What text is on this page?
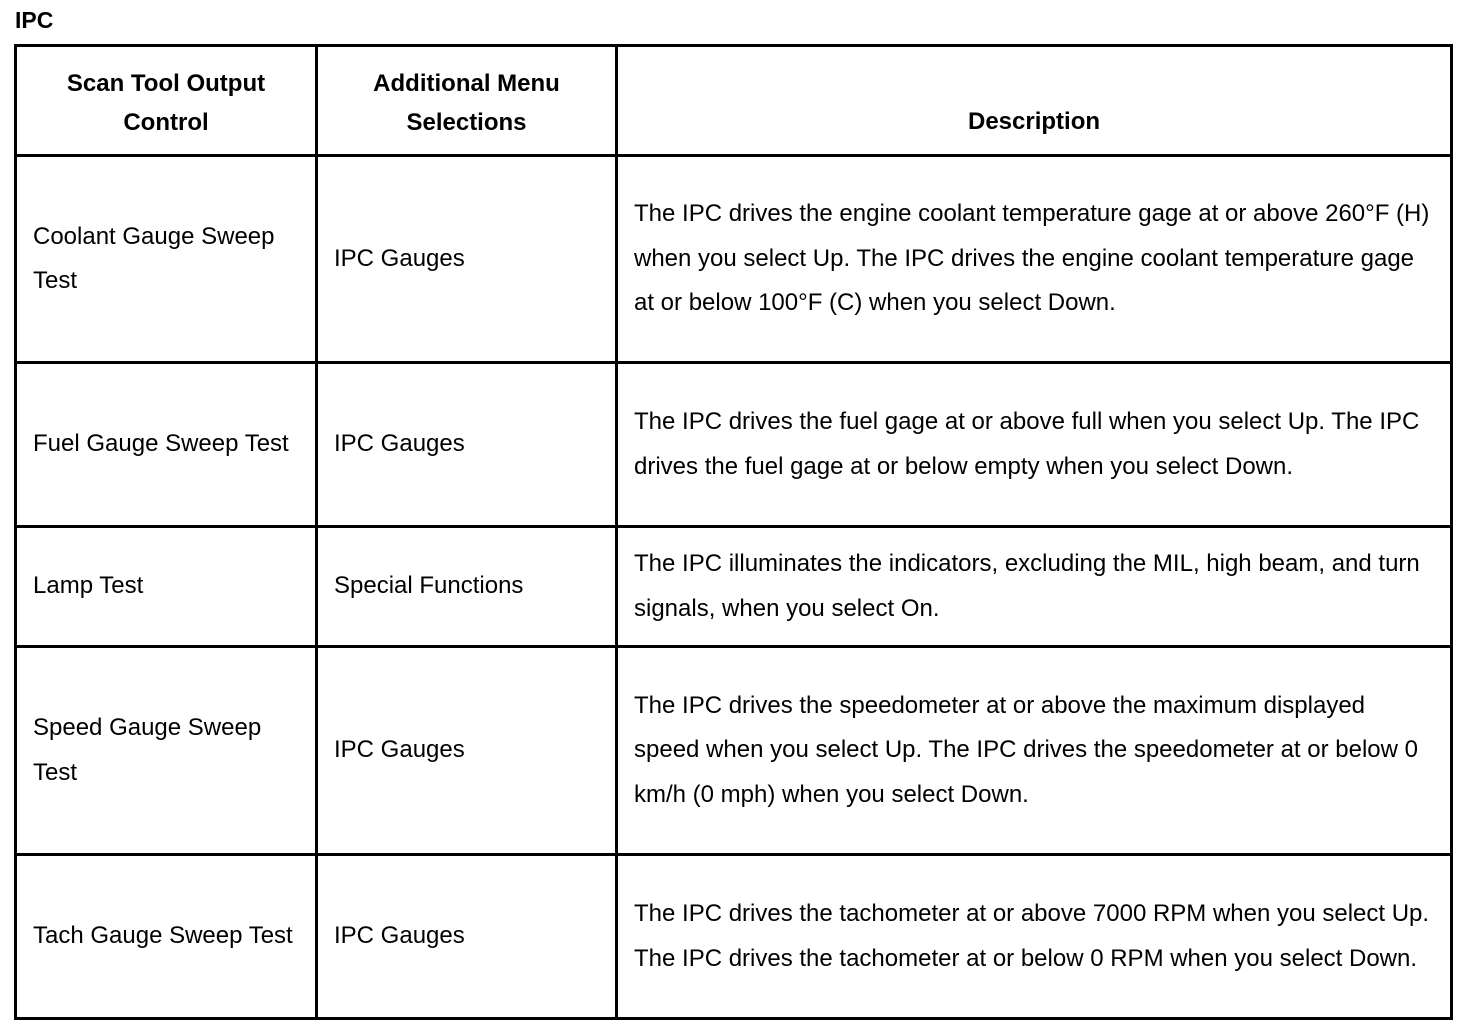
IPC
Scan Tool Output Control	Additional Menu Selections	Description
Coolant Gauge Sweep Test	IPC Gauges	The IPC drives the engine coolant temperature gage at or above 260°F (H) when you select Up. The IPC drives the engine coolant temperature gage at or below 100°F (C) when you select Down.
Fuel Gauge Sweep Test	IPC Gauges	The IPC drives the fuel gage at or above full when you select Up. The IPC drives the fuel gage at or below empty when you select Down.
Lamp Test	Special Functions	The IPC illuminates the indicators, excluding the MIL, high beam, and turn signals, when you select On.
Speed Gauge Sweep Test	IPC Gauges	The IPC drives the speedometer at or above the maximum displayed speed when you select Up. The IPC drives the speedometer at or below 0 km/h (0 mph) when you select Down.
Tach Gauge Sweep Test	IPC Gauges	The IPC drives the tachometer at or above 7000 RPM when you select Up. The IPC drives the tachometer at or below 0 RPM when you select Down.
